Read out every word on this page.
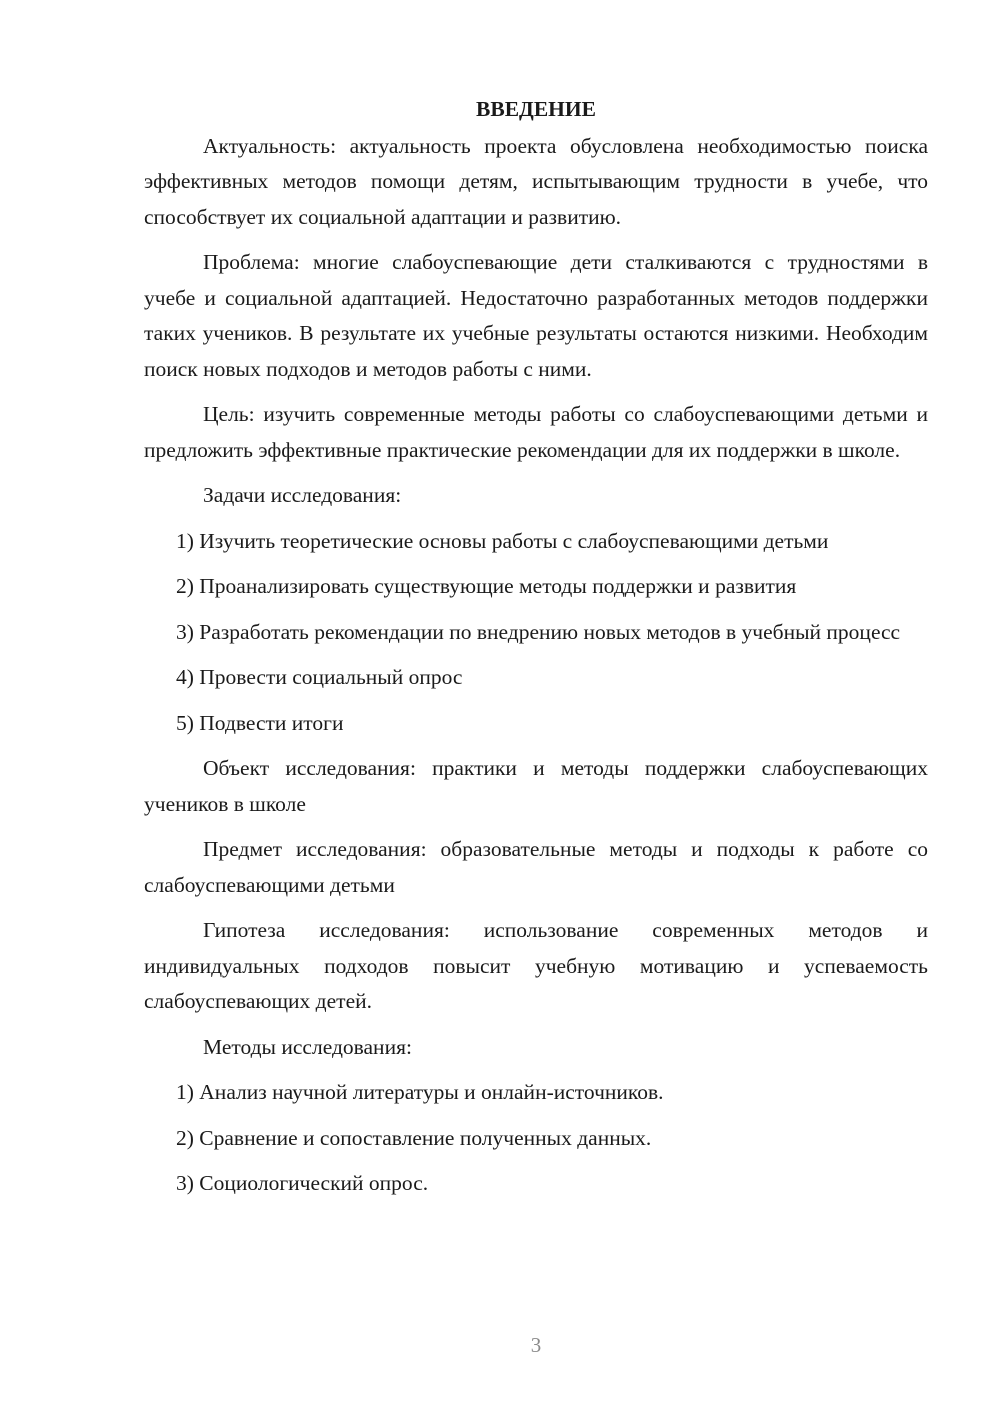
ВВЕДЕНИЕ

Актуальность: актуальность проекта обусловлена необходимостью поиска эффективных методов помощи детям, испытывающим трудности в учебе, что способствует их социальной адаптации и развитию.

Проблема: многие слабоуспевающие дети сталкиваются с трудностями в учебе и социальной адаптацией. Недостаточно разработанных методов поддержки таких учеников. В результате их учебные результаты остаются низкими. Необходим поиск новых подходов и методов работы с ними.

Цель: изучить современные методы работы со слабоуспевающими детьми и предложить эффективные практические рекомендации для их поддержки в школе.

Задачи исследования:

1) Изучить теоретические основы работы с слабоуспевающими детьми

2) Проанализировать существующие методы поддержки и развития

3) Разработать рекомендации по внедрению новых методов в учебный процесс

4) Провести социальный опрос

5) Подвести итоги

Объект исследования: практики и методы поддержки слабоуспевающих учеников в школе

Предмет исследования: образовательные методы и подходы к работе со слабоуспевающими детьми

Гипотеза исследования: использование современных методов и индивидуальных подходов повысит учебную мотивацию и успеваемость слабоуспевающих детей.

Методы исследования:

1) Анализ научной литературы и онлайн-источников.

2) Сравнение и сопоставление полученных данных.

3) Социологический опрос.

3
